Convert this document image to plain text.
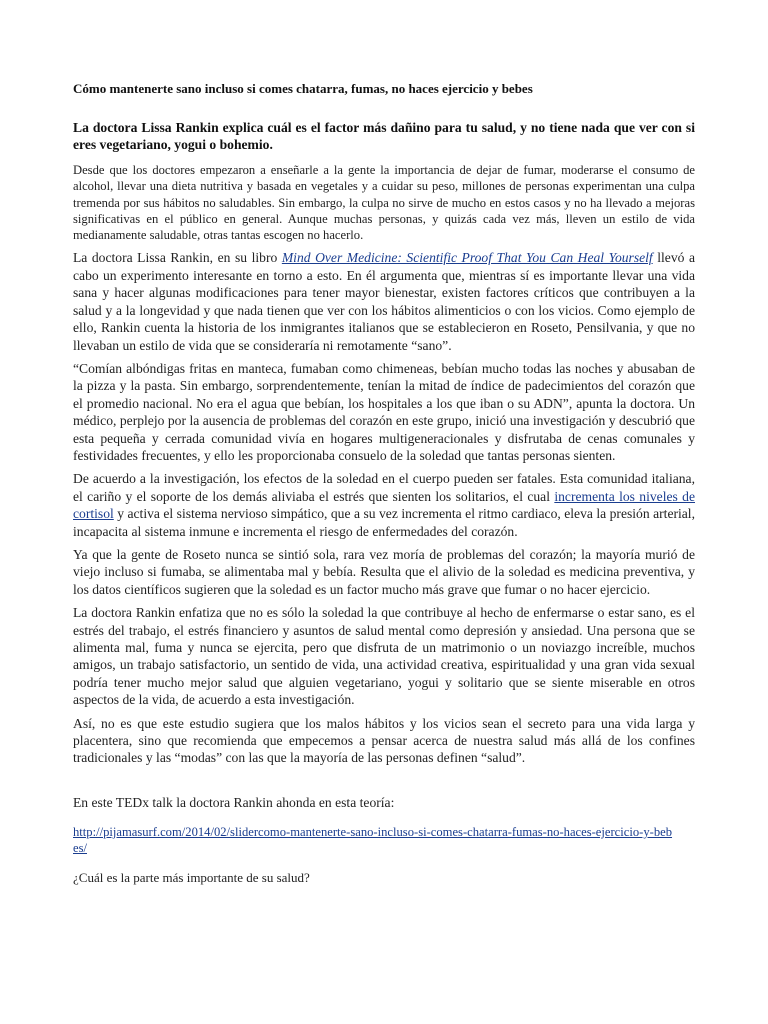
Cómo mantenerte sano incluso si comes chatarra, fumas, no haces ejercicio y bebes

La doctora Lissa Rankin explica cuál es el factor más dañino para tu salud, y no tiene nada que ver con si eres vegetariano, yogui o bohemio.

Desde que los doctores empezaron a enseñarle a la gente la importancia de dejar de fumar, moderarse el consumo de alcohol, llevar una dieta nutritiva y basada en vegetales y a cuidar su peso, millones de personas experimentan una culpa tremenda por sus hábitos no saludables. Sin embargo, la culpa no sirve de mucho en estos casos y no ha llevado a mejoras significativas en el público en general. Aunque muchas personas, y quizás cada vez más, lleven un estilo de vida medianamente saludable, otras tantas escogen no hacerlo.

La doctora Lissa Rankin, en su libro Mind Over Medicine: Scientific Proof That You Can Heal Yourself llevó a cabo un experimento interesante en torno a esto. En él argumenta que, mientras sí es importante llevar una vida sana y hacer algunas modificaciones para tener mayor bienestar, existen factores críticos que contribuyen a la salud y a la longevidad y que nada tienen que ver con los hábitos alimenticios o con los vicios. Como ejemplo de ello, Rankin cuenta la historia de los inmigrantes italianos que se establecieron en Roseto, Pensilvania, y que no llevaban un estilo de vida que se consideraría ni remotamente “sano”.

“Comían albóndigas fritas en manteca, fumaban como chimeneas, bebían mucho todas las noches y abusaban de la pizza y la pasta. Sin embargo, sorprendentemente, tenían la mitad de índice de padecimientos del corazón que el promedio nacional. No era el agua que bebían, los hospitales a los que iban o su ADN”, apunta la doctora. Un médico, perplejo por la ausencia de problemas del corazón en este grupo, inició una investigación y descubrió que esta pequeña y cerrada comunidad vivía en hogares multigeneracionales y disfrutaba de cenas comunales y festividades frecuentes, y ello les proporcionaba consuelo de la soledad que tantas personas sienten.

De acuerdo a la investigación, los efectos de la soledad en el cuerpo pueden ser fatales. Esta comunidad italiana, el cariño y el soporte de los demás aliviaba el estrés que sienten los solitarios, el cual incrementa los niveles de cortisol y activa el sistema nervioso simpático, que a su vez incrementa el ritmo cardiaco, eleva la presión arterial, incapacita al sistema inmune e incrementa el riesgo de enfermedades del corazón.

Ya que la gente de Roseto nunca se sintió sola, rara vez moría de problemas del corazón; la mayoría murió de viejo incluso si fumaba, se alimentaba mal y bebía. Resulta que el alivio de la soledad es medicina preventiva, y los datos científicos sugieren que la soledad es un factor mucho más grave que fumar o no hacer ejercicio.

La doctora Rankin enfatiza que no es sólo la soledad la que contribuye al hecho de enfermarse o estar sano, es el estrés del trabajo, el estrés financiero y asuntos de salud mental como depresión y ansiedad. Una persona que se alimenta mal, fuma y nunca se ejercita, pero que disfruta de un matrimonio o un noviazgo increíble, muchos amigos, un trabajo satisfactorio, un sentido de vida, una actividad creativa, espiritualidad y una gran vida sexual podría tener mucho mejor salud que alguien vegetariano, yogui y solitario que se siente miserable en otros aspectos de la vida, de acuerdo a esta investigación.

Así, no es que este estudio sugiera que los malos hábitos y los vicios sean el secreto para una vida larga y placentera, sino que recomienda que empecemos a pensar acerca de nuestra salud más allá de los confines tradicionales y las “modas” con las que la mayoría de las personas definen “salud”.

En este TEDx talk la doctora Rankin ahonda en esta teoría:

http://pijamasurf.com/2014/02/slidercomo-mantenerte-sano-incluso-si-comes-chatarra-fumas-no-haces-ejercicio-y-bebes/

¿Cuál es la parte más importante de su salud?
